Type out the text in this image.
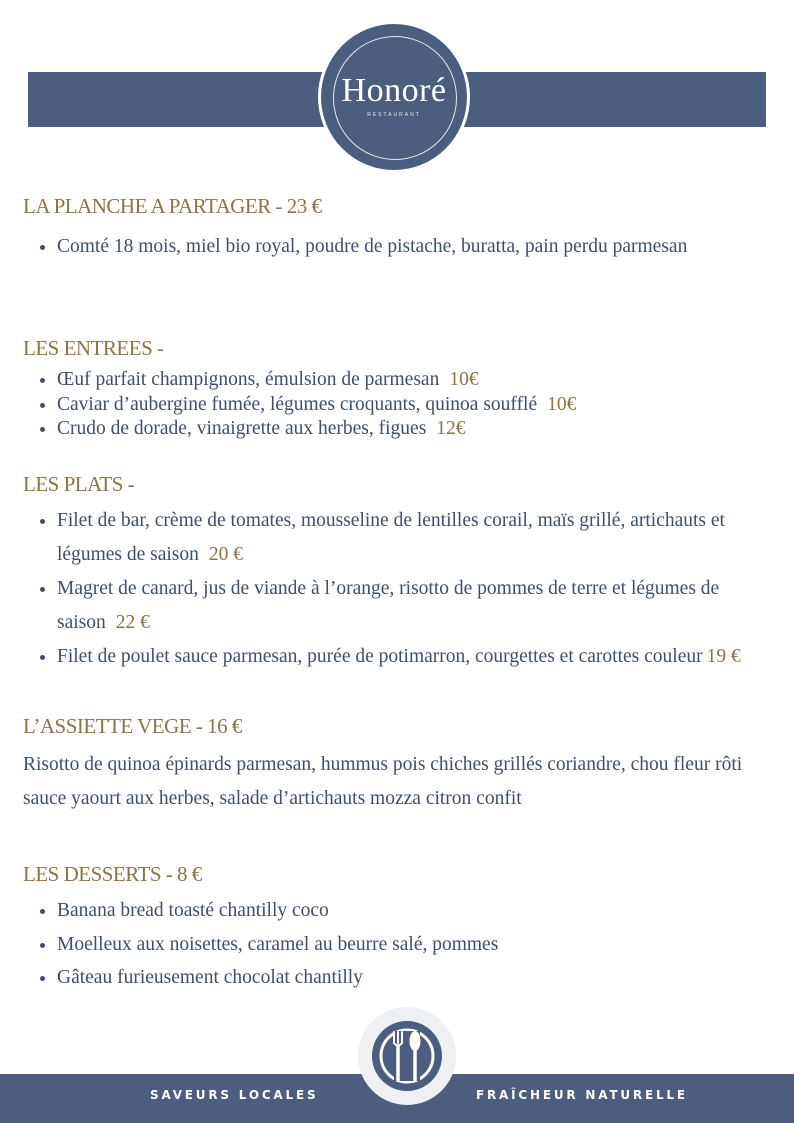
Honoré
RESTAURANT
LA PLANCHE A PARTAGER - 23 €
Comté 18 mois, miel bio royal, poudre de pistache, buratta, pain perdu parmesan
LES ENTREES -
Œuf parfait champignons, émulsion de parmesan 10€
Caviar d’aubergine fumée, légumes croquants, quinoa soufflé 10€
Crudo de dorade, vinaigrette aux herbes, figues 12€
LES PLATS -
Filet de bar, crème de tomates, mousseline de lentilles corail, maïs grillé, artichauts et légumes de saison 20 €
Magret de canard, jus de viande à l’orange, risotto de pommes de terre et légumes de saison 22 €
Filet de poulet sauce parmesan, purée de potimarron, courgettes et carottes couleur 19 €
L’ASSIETTE VEGE - 16 €
Risotto de quinoa épinards parmesan, hummus pois chiches grillés coriandre, chou fleur rôti sauce yaourt aux herbes, salade d’artichauts mozza citron confit
LES DESSERTS - 8 €
Banana bread toasté chantilly coco
Moelleux aux noisettes, caramel au beurre salé, pommes
Gâteau furieusement chocolat chantilly
SAVEURS LOCALES	FRAÎCHEUR NATURELLE
